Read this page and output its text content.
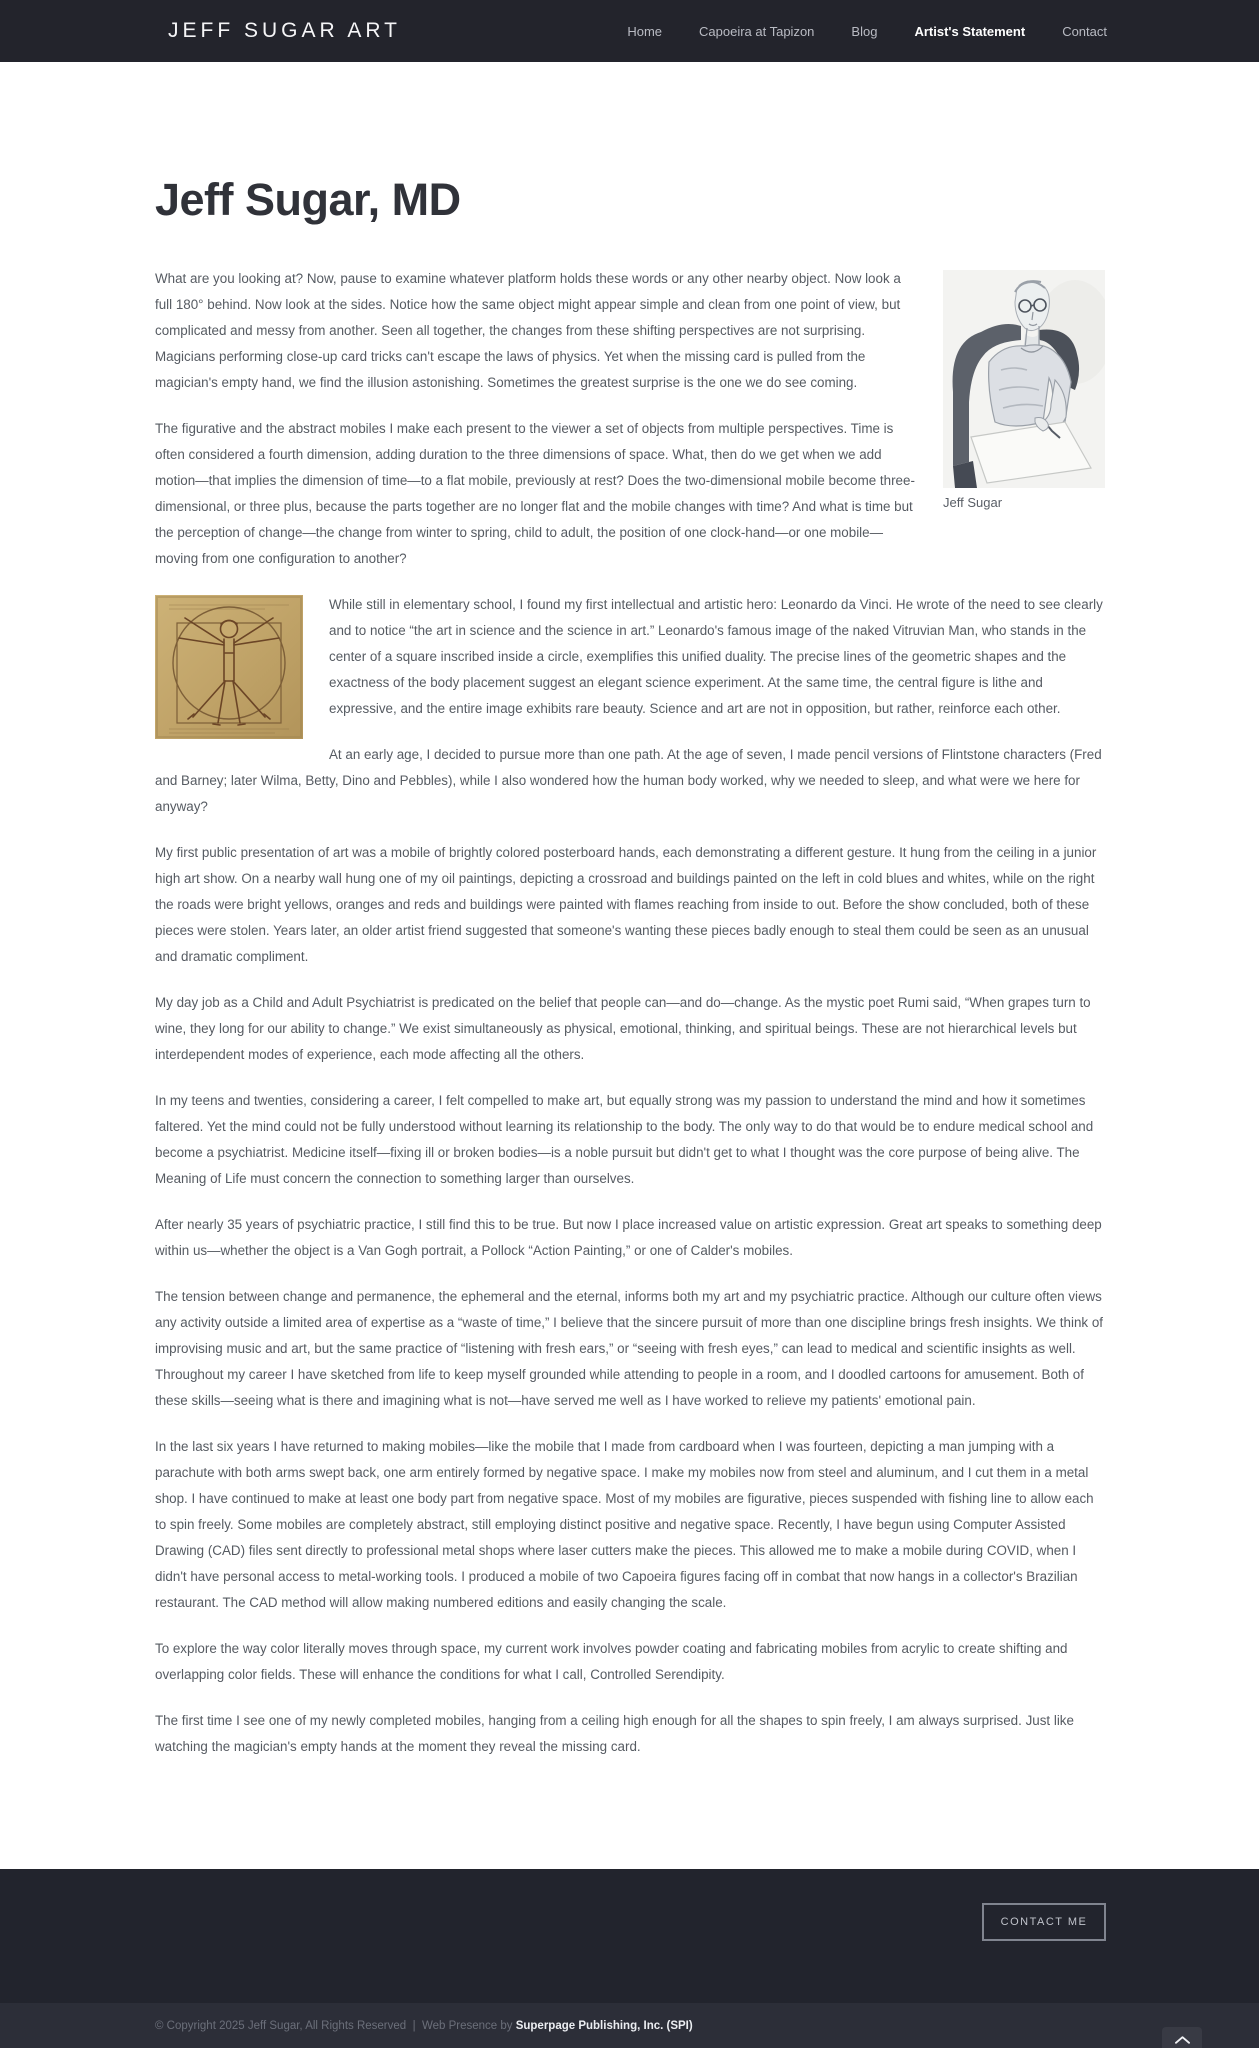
JEFF SUGAR ART	Home	Capoeira at Tapizon	Blog	Artist's Statement	Contact
Jeff Sugar, MD
Jeff Sugar

What are you looking at? Now, pause to examine whatever platform holds these words or any other nearby object. Now look a full 180° behind. Now look at the sides. Notice how the same object might appear simple and clean from one point of view, but complicated and messy from another. Seen all together, the changes from these shifting perspectives are not surprising. Magicians performing close-up card tricks can't escape the laws of physics. Yet when the missing card is pulled from the magician's empty hand, we find the illusion astonishing. Sometimes the greatest surprise is the one we do see coming.

The figurative and the abstract mobiles I make each present to the viewer a set of objects from multiple perspectives. Time is often considered a fourth dimension, adding duration to the three dimensions of space. What, then do we get when we add motion—that implies the dimension of time—to a flat mobile, previously at rest? Does the two-dimensional mobile become three-dimensional, or three plus, because the parts together are no longer flat and the mobile changes with time? And what is time but the perception of change—the change from winter to spring, child to adult, the position of one clock-hand—or one mobile—moving from one configuration to another?

While still in elementary school, I found my first intellectual and artistic hero: Leonardo da Vinci. He wrote of the need to see clearly and to notice “the art in science and the science in art.” Leonardo's famous image of the naked Vitruvian Man, who stands in the center of a square inscribed inside a circle, exemplifies this unified duality. The precise lines of the geometric shapes and the exactness of the body placement suggest an elegant science experiment. At the same time, the central figure is lithe and expressive, and the entire image exhibits rare beauty. Science and art are not in opposition, but rather, reinforce each other.

At an early age, I decided to pursue more than one path. At the age of seven, I made pencil versions of Flintstone characters (Fred and Barney; later Wilma, Betty, Dino and Pebbles), while I also wondered how the human body worked, why we needed to sleep, and what were we here for anyway?

My first public presentation of art was a mobile of brightly colored posterboard hands, each demonstrating a different gesture. It hung from the ceiling in a junior high art show. On a nearby wall hung one of my oil paintings, depicting a crossroad and buildings painted on the left in cold blues and whites, while on the right the roads were bright yellows, oranges and reds and buildings were painted with flames reaching from inside to out. Before the show concluded, both of these pieces were stolen. Years later, an older artist friend suggested that someone's wanting these pieces badly enough to steal them could be seen as an unusual and dramatic compliment.

My day job as a Child and Adult Psychiatrist is predicated on the belief that people can—and do—change. As the mystic poet Rumi said, “When grapes turn to wine, they long for our ability to change.” We exist simultaneously as physical, emotional, thinking, and spiritual beings. These are not hierarchical levels but interdependent modes of experience, each mode affecting all the others.

In my teens and twenties, considering a career, I felt compelled to make art, but equally strong was my passion to understand the mind and how it sometimes faltered. Yet the mind could not be fully understood without learning its relationship to the body. The only way to do that would be to endure medical school and become a psychiatrist. Medicine itself—fixing ill or broken bodies—is a noble pursuit but didn't get to what I thought was the core purpose of being alive. The Meaning of Life must concern the connection to something larger than ourselves.

After nearly 35 years of psychiatric practice, I still find this to be true. But now I place increased value on artistic expression. Great art speaks to something deep within us—whether the object is a Van Gogh portrait, a Pollock “Action Painting,” or one of Calder's mobiles.

The tension between change and permanence, the ephemeral and the eternal, informs both my art and my psychiatric practice. Although our culture often views any activity outside a limited area of expertise as a “waste of time,” I believe that the sincere pursuit of more than one discipline brings fresh insights. We think of improvising music and art, but the same practice of “listening with fresh ears,” or “seeing with fresh eyes,” can lead to medical and scientific insights as well. Throughout my career I have sketched from life to keep myself grounded while attending to people in a room, and I doodled cartoons for amusement. Both of these skills—seeing what is there and imagining what is not—have served me well as I have worked to relieve my patients' emotional pain.

In the last six years I have returned to making mobiles—like the mobile that I made from cardboard when I was fourteen, depicting a man jumping with a parachute with both arms swept back, one arm entirely formed by negative space. I make my mobiles now from steel and aluminum, and I cut them in a metal shop. I have continued to make at least one body part from negative space. Most of my mobiles are figurative, pieces suspended with fishing line to allow each to spin freely. Some mobiles are completely abstract, still employing distinct positive and negative space. Recently, I have begun using Computer Assisted Drawing (CAD) files sent directly to professional metal shops where laser cutters make the pieces. This allowed me to make a mobile during COVID, when I didn't have personal access to metal-working tools. I produced a mobile of two Capoeira figures facing off in combat that now hangs in a collector's Brazilian restaurant. The CAD method will allow making numbered editions and easily changing the scale.

To explore the way color literally moves through space, my current work involves powder coating and fabricating mobiles from acrylic to create shifting and overlapping color fields. These will enhance the conditions for what I call, Controlled Serendipity.

The first time I see one of my newly completed mobiles, hanging from a ceiling high enough for all the shapes to spin freely, I am always surprised. Just like watching the magician's empty hands at the moment they reveal the missing card.

CONTACT ME
© Copyright 2025 Jeff Sugar, All Rights Reserved  |  Web Presence by Superpage Publishing, Inc. (SPI)
